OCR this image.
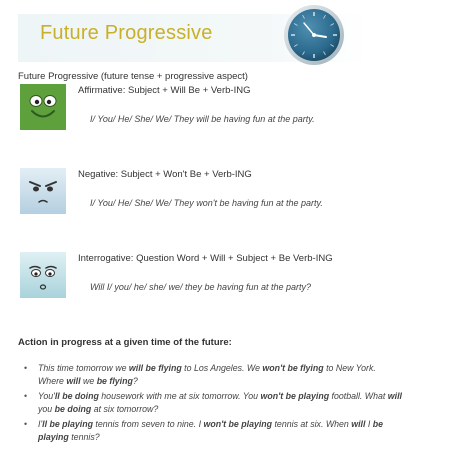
Future Progressive
Future Progressive (future tense + progressive aspect)
Affirmative: Subject + Will Be + Verb-ING
I/ You/ He/ She/ We/ They will be having fun at the party.
Negative: Subject + Won't Be + Verb-ING
I/ You/ He/ She/ We/ They won't be having fun at the party.
Interrogative: Question Word + Will + Subject + Be Verb-ING
Will I/ you/ he/ she/ we/ they be having fun at the party?
Action in progress at a given time of the future:
• This time tomorrow we will be flying to Los Angeles. We won't be flying to New York. Where will we be flying?
• You'll be doing housework with me at six tomorrow. You won't be playing football. What will you be doing at six tomorrow?
• I'll be playing tennis from seven to nine. I won't be playing tennis at six. When will I be playing tennis?
